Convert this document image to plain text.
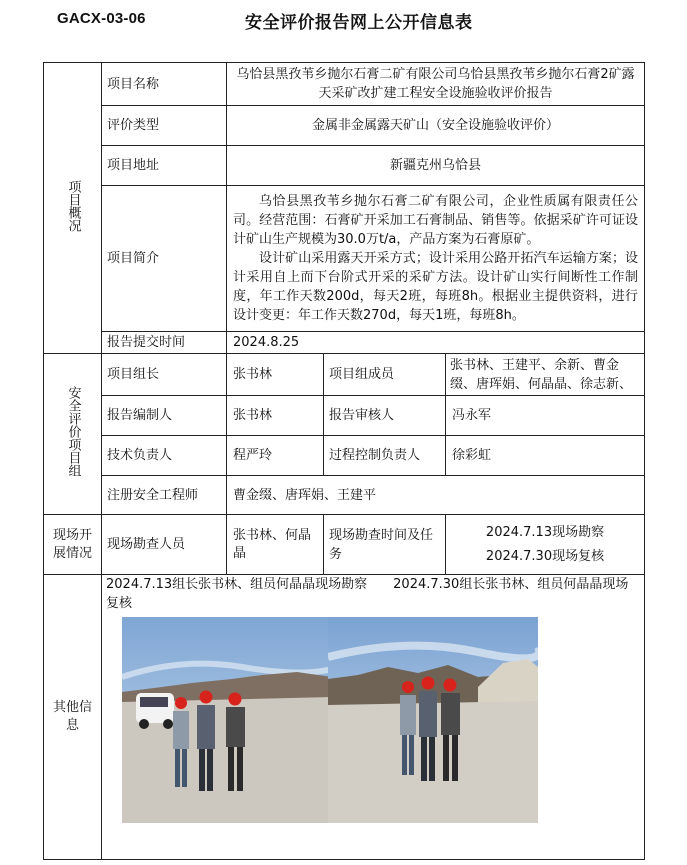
GACX-03-06	安全评价报告网上公开信息表
项目概况	项目名称	乌恰县黑孜苇乡抛尔石膏二矿有限公司乌恰县黑孜苇乡抛尔石膏2矿露天采矿改扩建工程安全设施验收评价报告		
	评价类型	金属非金属露天矿山（安全设施验收评价）		
	项目地址	新疆克州乌恰县		
	项目简介	乌恰县黑孜苇乡抛尔石膏二矿有限公司，企业性质属有限责任公司。经营范围：石膏矿开采加工石膏制品、销售等。依据采矿许可证设计矿山生产规模为30.0万t/a，产品方案为石膏原矿。

设计矿山采用露天开采方式；设计采用公路开拓汽车运输方案；设计采用自上而下台阶式开采的采矿方法。设计矿山实行间断性工作制度，年工作天数200d，每天2班，每班8h。根据业主提供资料，进行设计变更：年工作天数270d，每天1班，每班8h。		

	报告提交时间	2024.8.25		
安全评价项目组	项目组长	张书林	项目组成员	张书林、王建平、余新、曹金缀、唐珲娟、何晶晶、徐志新、
	报告编制人	张书林	报告审核人	冯永军
	技术负责人	程严玲	过程控制负责人	徐彩虹
	注册安全工程师	曹金缀、唐珲娟、王建平		
现场开展情况	现场勘查人员	张书林、何晶晶	现场勘查时间及任务	2024.7.13现场勘察
2024.7.30现场复核

其他信息	2024.7.13组长张书林、组员何晶晶现场勘察　　2024.7.30组长张书林、组员何晶晶现场复核			
